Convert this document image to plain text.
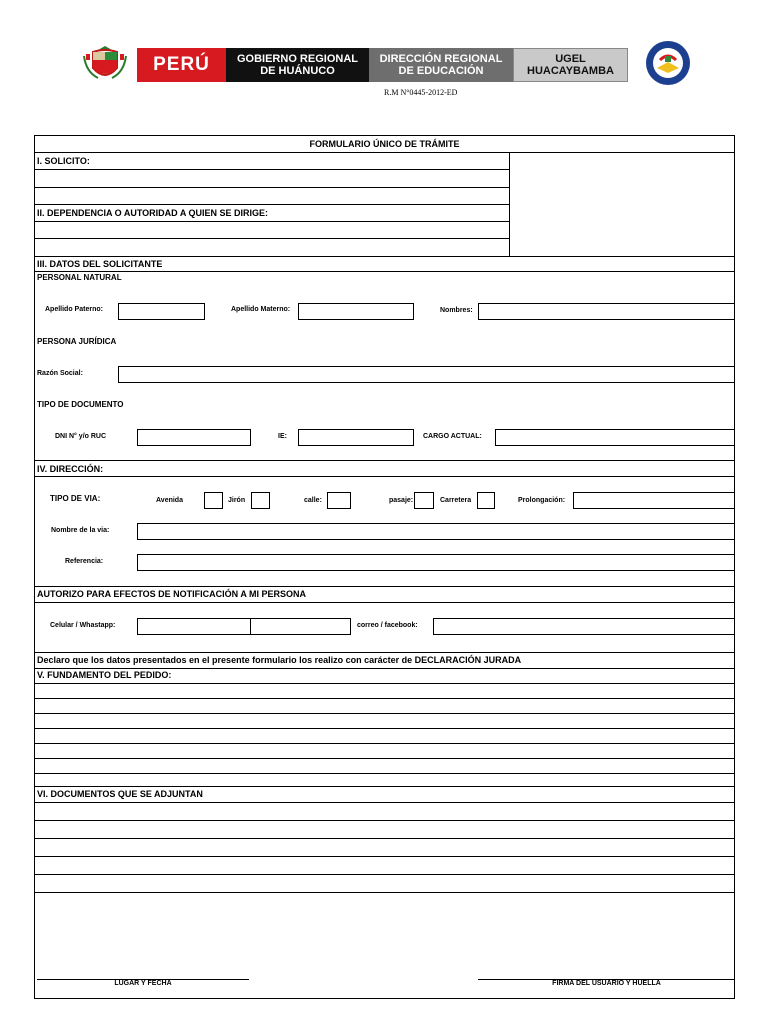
PERÚ GOBIERNO REGIONAL
DE HUÁNUCO
DIRECCIÓN REGIONAL
DE EDUCACIÓN
UGEL
HUACAYBAMBA
R.M N°0445-2012-ED
FORMULARIO ÚNICO DE TRÁMITE
I. SOLICITO:
II. DEPENDENCIA O AUTORIDAD A QUIEN SE DIRIGE:
III. DATOS DEL SOLICITANTE
PERSONAL NATURAL
Apellido Paterno:	Apellido Materno:	Nombres:
PERSONA JURÍDICA
Razón Social:
TIPO DE DOCUMENTO
DNI N° y/o RUC	IE:	CARGO ACTUAL:
IV. DIRECCIÓN:
TIPO DE VIA:	Avenida	Jirón	calle:	pasaje:	Carretera	Prolongación:
Nombre de la via:
Referencia:
AUTORIZO PARA EFECTOS DE NOTIFICACIÓN A MI PERSONA
Celular / Whastapp:	correo / facebook:
Declaro que los datos presentados en el presente formulario los realizo con carácter de DECLARACIÓN JURADA
V. FUNDAMENTO DEL PEDIDO:
VI. DOCUMENTOS QUE SE ADJUNTAN
LUGAR Y FECHA	FIRMA DEL USUARIO Y HUELLA
